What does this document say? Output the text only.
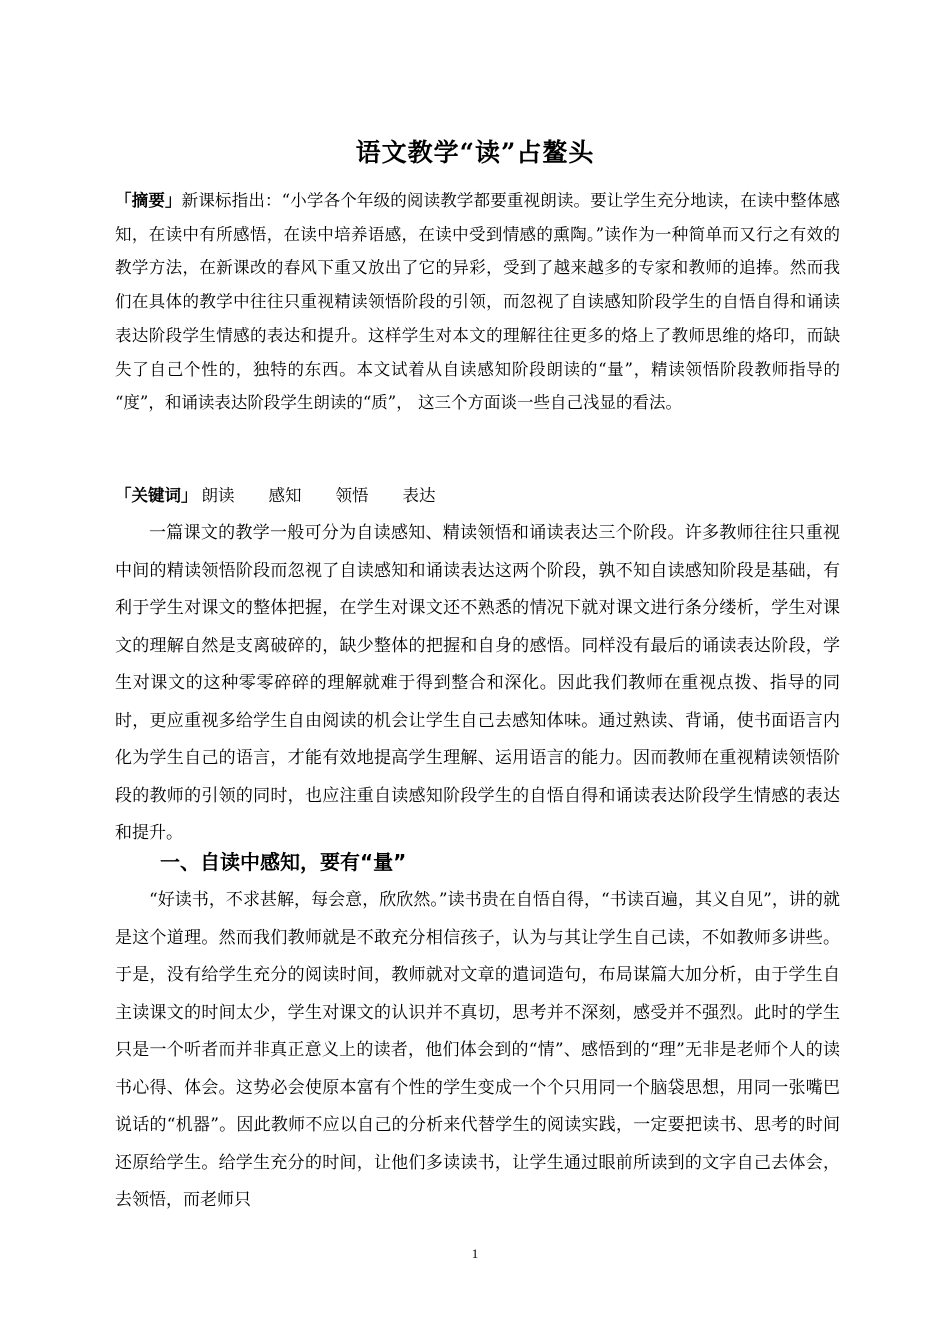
语文教学“读”占鳌头
「摘要」新课标指出：“小学各个年级的阅读教学都要重视朗读。要让学生充分地读，在读中整体感知，在读中有所感悟，在读中培养语感，在读中受到情感的熏陶。”读作为一种简单而又行之有效的教学方法，在新课改的春风下重又放出了它的异彩，受到了越来越多的专家和教师的追捧。然而我们在具体的教学中往往只重视精读领悟阶段的引领，而忽视了自读感知阶段学生的自悟自得和诵读表达阶段学生情感的表达和提升。这样学生对本文的理解往往更多的烙上了教师思维的烙印，而缺失了自己个性的，独特的东西。本文试着从自读感知阶段朗读的“量”，精读领悟阶段教师指导的 “度”，和诵读表达阶段学生朗读的“质”， 这三个方面谈一些自己浅显的看法。
「关键词」 朗读 感知 领悟 表达
一篇课文的教学一般可分为自读感知、精读领悟和诵读表达三个阶段。许多教师往往只重视中间的精读领悟阶段而忽视了自读感知和诵读表达这两个阶段，孰不知自读感知阶段是基础，有利于学生对课文的整体把握，在学生对课文还不熟悉的情况下就对课文进行条分缕析，学生对课文的理解自然是支离破碎的，缺少整体的把握和自身的感悟。同样没有最后的诵读表达阶段，学生对课文的这种零零碎碎的理解就难于得到整合和深化。因此我们教师在重视点拨、指导的同时，更应重视多给学生自由阅读的机会让学生自己去感知体味。通过熟读、背诵，使书面语言内化为学生自己的语言，才能有效地提高学生理解、运用语言的能力。因而教师在重视精读领悟阶段的教师的引领的同时，也应注重自读感知阶段学生的自悟自得和诵读表达阶段学生情感的表达和提升。
一、自读中感知，要有“量”
“好读书，不求甚解，每会意，欣欣然。”读书贵在自悟自得，“书读百遍，其义自见”，讲的就是这个道理。然而我们教师就是不敢充分相信孩子，认为与其让学生自己读，不如教师多讲些。于是，没有给学生充分的阅读时间，教师就对文章的遣词造句，布局谋篇大加分析，由于学生自主读课文的时间太少，学生对课文的认识并不真切，思考并不深刻，感受并不强烈。此时的学生只是一个听者而并非真正意义上的读者，他们体会到的“情”、感悟到的“理”无非是老师个人的读书心得、体会。这势必会使原本富有个性的学生变成一个个只用同一个脑袋思想，用同一张嘴巴说话的“机器”。因此教师不应以自己的分析来代替学生的阅读实践，一定要把读书、思考的时间还原给学生。给学生充分的时间，让他们多读读书，让学生通过眼前所读到的文字自己去体会，去领悟，而老师只
1
